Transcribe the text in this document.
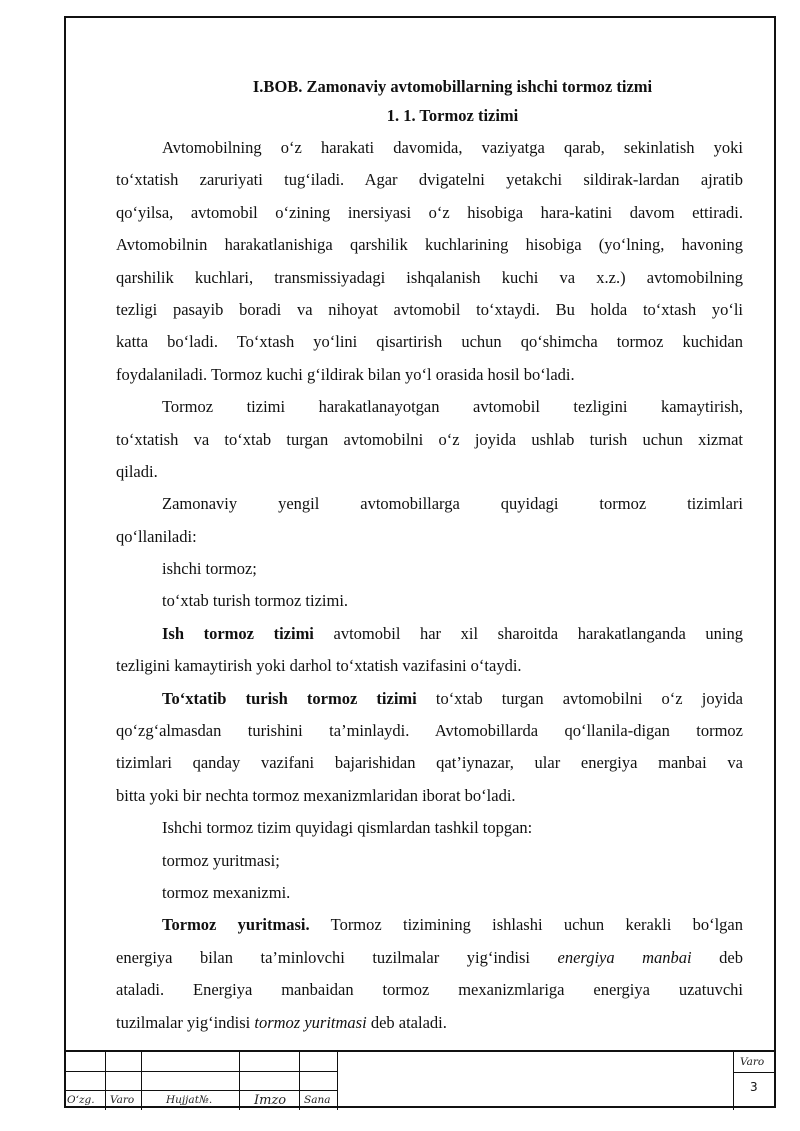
I.BOB. Zamonaviy avtomobillarning ishchi tormoz tizmi
1. 1. Tormoz tizimi
Avtomobilning o‘z harakati davomida, vaziyatga qarab, sekinlatish yoki
to‘xtatish zaruriyati tug‘iladi. Agar dvigatelni yetakchi sildirak-lardan ajratib
qo‘yilsa, avtomobil o‘zining inersiyasi o‘z hisobiga hara-katini davom ettiradi.
Avtomobilnin harakatlanishiga qarshilik kuchlarining hisobiga (yo‘lning, havoning
qarshilik kuchlari, transmissiyadagi ishqalanish kuchi va x.z.) avtomobilning
tezligi pasayib boradi va nihoyat avtomobil to‘xtaydi. Bu holda to‘xtash yo‘li
katta bo‘ladi. To‘xtash yo‘lini qisartirish uchun qo‘shimcha tormoz kuchidan
foydalaniladi. Tormoz kuchi g‘ildirak bilan yo‘l orasida hosil bo‘ladi.
Tormoz tizimi harakatlanayotgan avtomobil tezligini kamaytirish,
to‘xtatish va to‘xtab turgan avtomobilni o‘z joyida ushlab turish uchun xizmat
qiladi.
Zamonaviy yengil avtomobillarga quyidagi tormoz tizimlari
qo‘llaniladi:
ishchi tormoz;
to‘xtab turish tormoz tizimi.
Ish tormoz tizimi avtomobil har xil sharoitda harakatlanganda uning
tezligini kamaytirish yoki darhol to‘xtatish vazifasini o‘taydi.
To‘xtatib turish tormoz tizimi to‘xtab turgan avtomobilni o‘z joyida
qo‘zg‘almasdan turishini ta’minlaydi. Avtomobillarda qo‘llanila-digan tormoz
tizimlari qanday vazifani bajarishidan qat’iynazar, ular energiya manbai va
bitta yoki bir nechta tormoz mexanizmlaridan iborat bo‘ladi.
Ishchi tormoz tizim quyidagi qismlardan tashkil topgan:
tormoz yuritmasi;
tormoz mexanizmi.
Tormoz yuritmasi. Tormoz tizimining ishlashi uchun kerakli bo‘lgan
energiya bilan ta’minlovchi tuzilmalar yig‘indisi energiya manbai deb
ataladi. Energiya manbaidan tormoz mexanizmlariga energiya uzatuvchi
tuzilmalar yig‘indisi tormoz yuritmasi deb ataladi.
O‘zg. Varo	Hujjat№.	Imzo Sana
Varo
3
